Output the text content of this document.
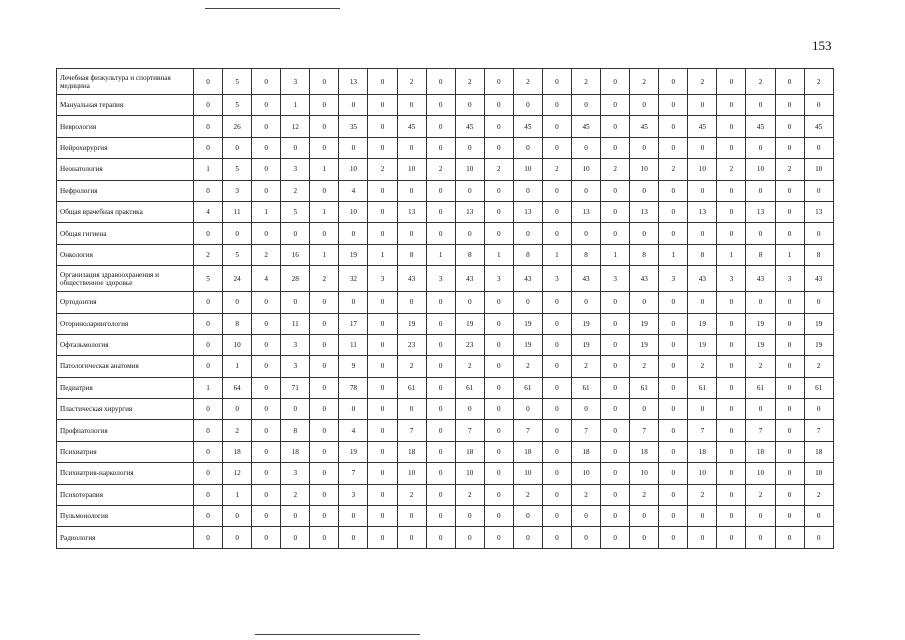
153
Лечебная физкультура и спортивная медицина	0	5	0	3	0	13	0	2	0	2	0	2	0	2	0	2	0	2	0	2	0	2
Мануальная терапия	0	5	0	1	0	0	0	0	0	0	0	0	0	0	0	0	0	0	0	0	0	0
Неврология	0	26	0	12	0	35	0	45	0	45	0	45	0	45	0	45	0	45	0	45	0	45
Нейрохирургия	0	0	0	0	0	0	0	0	0	0	0	0	0	0	0	0	0	0	0	0	0	0
Неонатология	1	5	0	3	1	10	2	10	2	10	2	10	2	10	2	10	2	10	2	10	2	10
Нефрология	0	3	0	2	0	4	0	0	0	0	0	0	0	0	0	0	0	0	0	0	0	0
Общая врачебная практика	4	11	1	5	1	10	0	13	0	13	0	13	0	13	0	13	0	13	0	13	0	13
Общая гигиена	0	0	0	0	0	0	0	0	0	0	0	0	0	0	0	0	0	0	0	0	0	0
Онкология	2	5	2	16	1	19	1	8	1	8	1	8	1	8	1	8	1	8	1	8	1	8
Организация здравоохранения и общественное здоровье	5	24	4	28	2	32	3	43	3	43	3	43	3	43	3	43	3	43	3	43	3	43
Ортодонтия	0	0	0	0	0	0	0	0	0	0	0	0	0	0	0	0	0	0	0	0	0	0
Оториноларингология	0	8	0	11	0	17	0	19	0	19	0	19	0	19	0	19	0	19	0	19	0	19
Офтальмология	0	10	0	3	0	11	0	23	0	23	0	19	0	19	0	19	0	19	0	19	0	19
Патологическая анатомия	0	1	0	3	0	9	0	2	0	2	0	2	0	2	0	2	0	2	0	2	0	2
Педиатрия	1	64	0	71	0	78	0	61	0	61	0	61	0	61	0	61	0	61	0	61	0	61
Пластическая хирургия	0	0	0	0	0	0	0	0	0	0	0	0	0	0	0	0	0	0	0	0	0	0
Профпатология	0	2	0	8	0	4	0	7	0	7	0	7	0	7	0	7	0	7	0	7	0	7
Психиатрия	0	18	0	18	0	19	0	18	0	18	0	18	0	18	0	18	0	18	0	18	0	18
Психиатрия-наркология	0	12	0	3	0	7	0	10	0	10	0	10	0	10	0	10	0	10	0	10	0	10
Психотерапия	0	1	0	2	0	3	0	2	0	2	0	2	0	2	0	2	0	2	0	2	0	2
Пульмонология	0	0	0	0	0	0	0	0	0	0	0	0	0	0	0	0	0	0	0	0	0	0
Радиология	0	0	0	0	0	0	0	0	0	0	0	0	0	0	0	0	0	0	0	0	0	0
